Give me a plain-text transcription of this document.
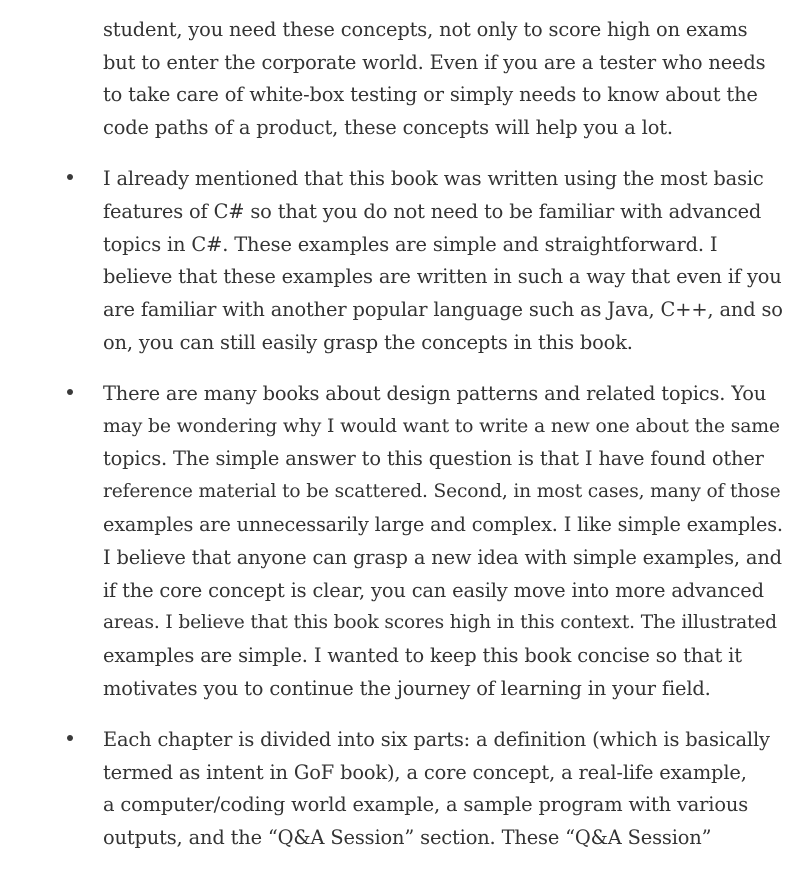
student, you need these concepts, not only to score high on exams
but to enter the corporate world. Even if you are a tester who needs
to take care of white-box testing or simply needs to know about the
code paths of a product, these concepts will help you a lot.
I already mentioned that this book was written using the most basic
features of C# so that you do not need to be familiar with advanced
topics in C#. These examples are simple and straightforward. I
believe that these examples are written in such a way that even if you
are familiar with another popular language such as Java, C++, and so
on, you can still easily grasp the concepts in this book.
There are many books about design patterns and related topics. You
may be wondering why I would want to write a new one about the same
topics. The simple answer to this question is that I have found other
reference material to be scattered. Second, in most cases, many of those
examples are unnecessarily large and complex. I like simple examples.
I believe that anyone can grasp a new idea with simple examples, and
if the core concept is clear, you can easily move into more advanced
areas. I believe that this book scores high in this context. The illustrated
examples are simple. I wanted to keep this book concise so that it
motivates you to continue the journey of learning in your field.
Each chapter is divided into six parts: a definition (which is basically
termed as intent in GoF book), a core concept, a real-life example,
a computer/coding world example, a sample program with various
outputs, and the “Q&A Session” section. These “Q&A Session”
